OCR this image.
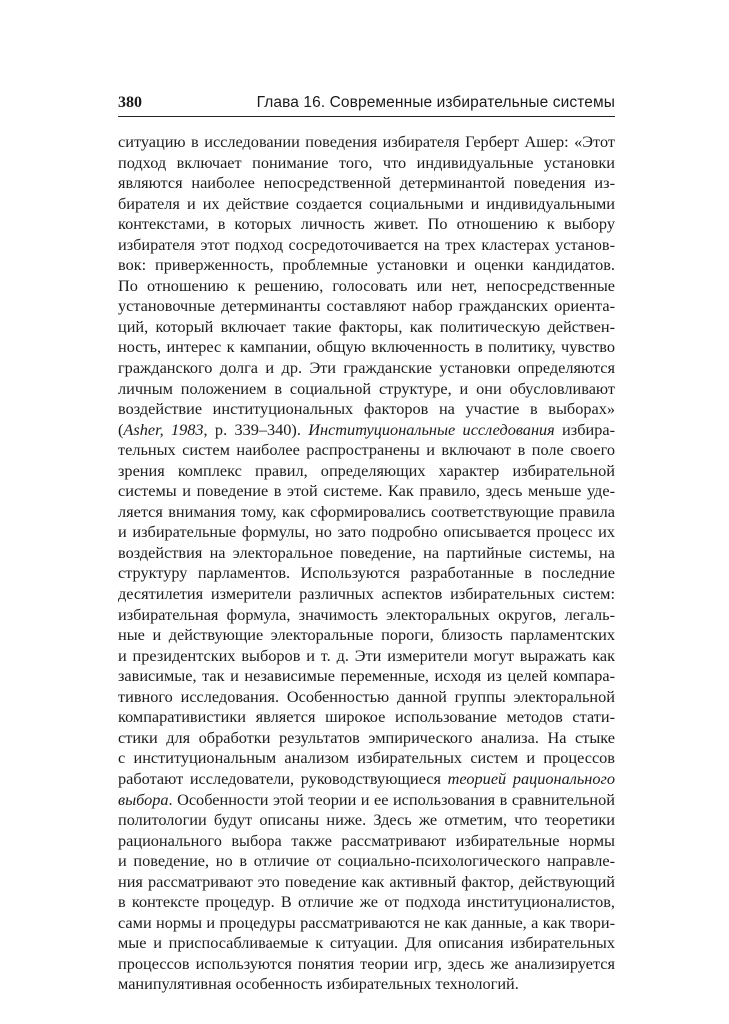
380	Глава 16. Современные избирательные системы
ситуацию в исследовании поведения избирателя Герберт Ашер: «Этот
подход включает понимание того, что индивидуальные установки
являются наиболее непосредственной детерминантой поведения из-
бирателя и их действие создается социальными и индивидуальными
контекстами, в которых личность живет. По отношению к выбору
избирателя этот подход сосредоточивается на трех кластерах установ-
вок: приверженность, проблемные установки и оценки кандидатов.
По отношению к решению, голосовать или нет, непосредственные
установочные детерминанты составляют набор гражданских ориента-
ций, который включает такие факторы, как политическую действен-
ность, интерес к кампании, общую включенность в политику, чувство
гражданского долга и др. Эти гражданские установки определяются
личным положением в социальной структуре, и они обусловливают
воздействие институциональных факторов на участие в выборах»
(Asher, 1983, p. 339–340). Институциональные исследования избира-
тельных систем наиболее распространены и включают в поле своего
зрения комплекс правил, определяющих характер избирательной
системы и поведение в этой системе. Как правило, здесь меньше уде-
ляется внимания тому, как сформировались соответствующие правила
и избирательные формулы, но зато подробно описывается процесс их
воздействия на электоральное поведение, на партийные системы, на
структуру парламентов. Используются разработанные в последние
десятилетия измерители различных аспектов избирательных систем:
избирательная формула, значимость электоральных округов, легаль-
ные и действующие электоральные пороги, близость парламентских
и президентских выборов и т. д. Эти измерители могут выражать как
зависимые, так и независимые переменные, исходя из целей компара-
тивного исследования. Особенностью данной группы электоральной
компаративистики является широкое использование методов стати-
стики для обработки результатов эмпирического анализа. На стыке
с институциональным анализом избирательных систем и процессов
работают исследователи, руководствующиеся теорией рационального
выбора. Особенности этой теории и ее использования в сравнительной
политологии будут описаны ниже. Здесь же отметим, что теоретики
рационального выбора также рассматривают избирательные нормы
и поведение, но в отличие от социально-психологического направле-
ния рассматривают это поведение как активный фактор, действующий
в контексте процедур. В отличие же от подхода институционалистов,
сами нормы и процедуры рассматриваются не как данные, а как твори-
мые и приспосабливаемые к ситуации. Для описания избирательных
процессов используются понятия теории игр, здесь же анализируется
манипулятивная особенность избирательных технологий.
